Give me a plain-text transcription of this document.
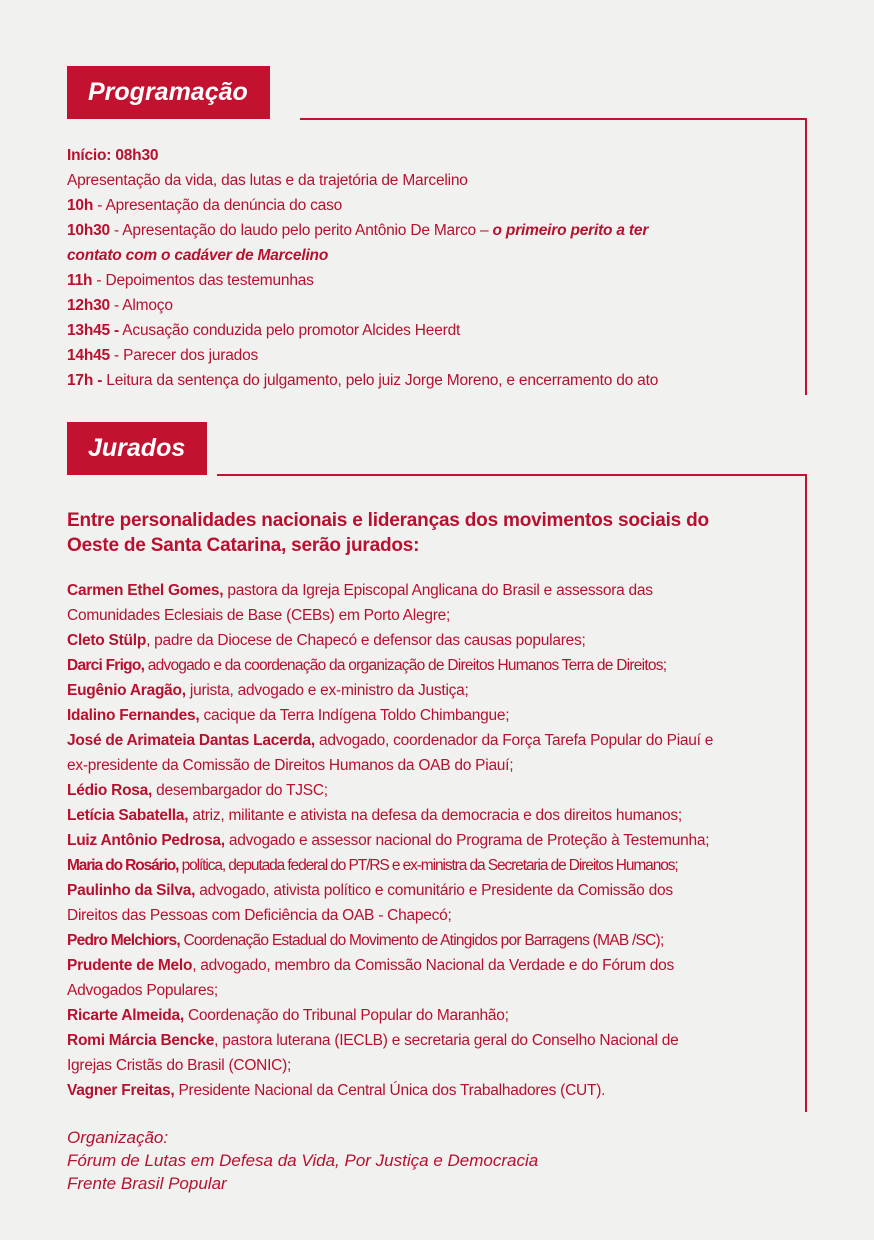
Programação
Início: 08h30
Apresentação da vida, das lutas e da trajetória de Marcelino
10h - Apresentação da denúncia do caso
10h30 - Apresentação do laudo pelo perito Antônio De Marco – o primeiro perito a ter
contato com o cadáver de Marcelino
11h - Depoimentos das testemunhas
12h30 - Almoço
13h45 - Acusação conduzida pelo promotor Alcides Heerdt
14h45 - Parecer dos jurados
17h - Leitura da sentença do julgamento, pelo juiz Jorge Moreno, e encerramento do ato
Jurados
Entre personalidades nacionais e lideranças dos movimentos sociais do
Oeste de Santa Catarina, serão jurados:
Carmen Ethel Gomes, pastora da Igreja Episcopal Anglicana do Brasil e assessora das
Comunidades Eclesiais de Base (CEBs) em Porto Alegre;
Cleto Stülp, padre da Diocese de Chapecó e defensor das causas populares;
Darci Frigo, advogado e da coordenação da organização de Direitos Humanos Terra de Direitos;
Eugênio Aragão, jurista, advogado e ex-ministro da Justiça;
Idalino Fernandes, cacique da Terra Indígena Toldo Chimbangue;
José de Arimateia Dantas Lacerda, advogado, coordenador da Força Tarefa Popular do Piauí e
ex-presidente da Comissão de Direitos Humanos da OAB do Piauí;
Lédio Rosa, desembargador do TJSC;
Letícia Sabatella, atriz, militante e ativista na defesa da democracia e dos direitos humanos;
Luiz Antônio Pedrosa, advogado e assessor nacional do Programa de Proteção à Testemunha;
Maria do Rosário, política, deputada federal do PT/RS e ex-ministra da Secretaria de Direitos Humanos;
Paulinho da Silva, advogado, ativista político e comunitário e Presidente da Comissão dos
Direitos das Pessoas com Deficiência da OAB - Chapecó;
Pedro Melchiors, Coordenação Estadual do Movimento de Atingidos por Barragens (MAB /SC);
Prudente de Melo, advogado, membro da Comissão Nacional da Verdade e do Fórum dos
Advogados Populares;
Ricarte Almeida, Coordenação do Tribunal Popular do Maranhão;
Romi Márcia Bencke, pastora luterana (IECLB) e secretaria geral do Conselho Nacional de
Igrejas Cristãs do Brasil (CONIC);
Vagner Freitas, Presidente Nacional da Central Única dos Trabalhadores (CUT).
Organização:
Fórum de Lutas em Defesa da Vida, Por Justiça e Democracia
Frente Brasil Popular
